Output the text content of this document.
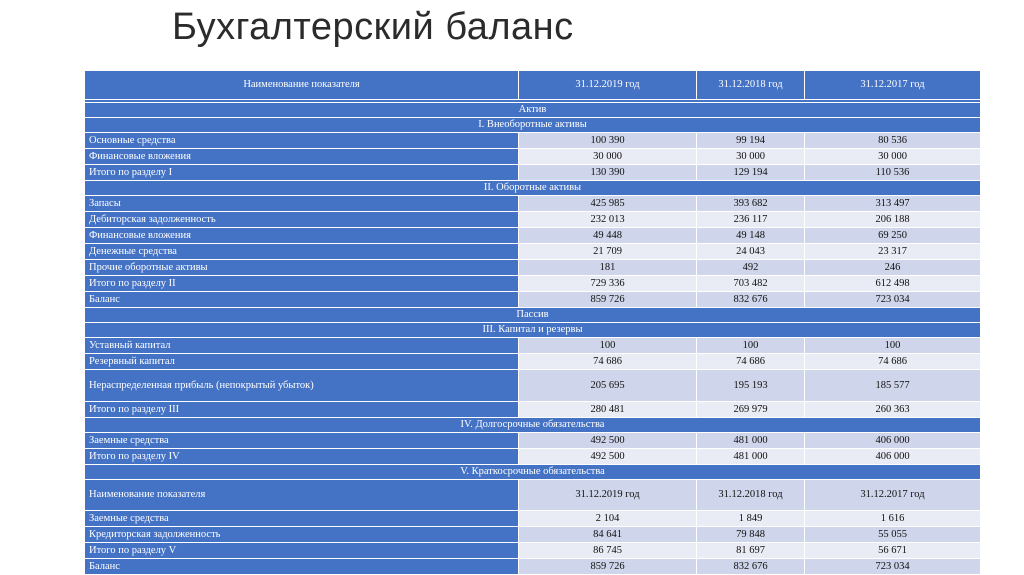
Бухгалтерский баланс
Наименование показателя	31.12.2019 год	31.12.2018 год	31.12.2017 год

Актив			
I. Внеоборотные активы			
Основные средства	100 390	99 194	80 536
Финансовые вложения	30 000	30 000	30 000
Итого по разделу I	130 390	129 194	110 536
II. Оборотные активы			
Запасы	425 985	393 682	313 497
Дебиторская задолженность	232 013	236 117	206 188
Финансовые вложения	49 448	49 148	69 250
Денежные средства	21 709	24 043	23 317
Прочие оборотные активы	181	492	246
Итого по разделу II	729 336	703 482	612 498
Баланс	859 726	832 676	723 034
Пассив			
III. Капитал и резервы			
Уставный капитал	100	100	100
Резервный капитал	74 686	74 686	74 686
Нераспределенная прибыль (непокрытый убыток)	205 695	195 193	185 577
Итого по разделу III	280 481	269 979	260 363
IV. Долгосрочные обязательства			
Заемные средства	492 500	481 000	406 000
Итого по разделу IV	492 500	481 000	406 000
V. Краткосрочные обязательства			
Наименование показателя	31.12.2019 год	31.12.2018 год	31.12.2017 год
Заемные средства	2 104	1 849	1 616
Кредиторская задолженность	84 641	79 848	55 055
Итого по разделу V	86 745	81 697	56 671
Баланс	859 726	832 676	723 034
